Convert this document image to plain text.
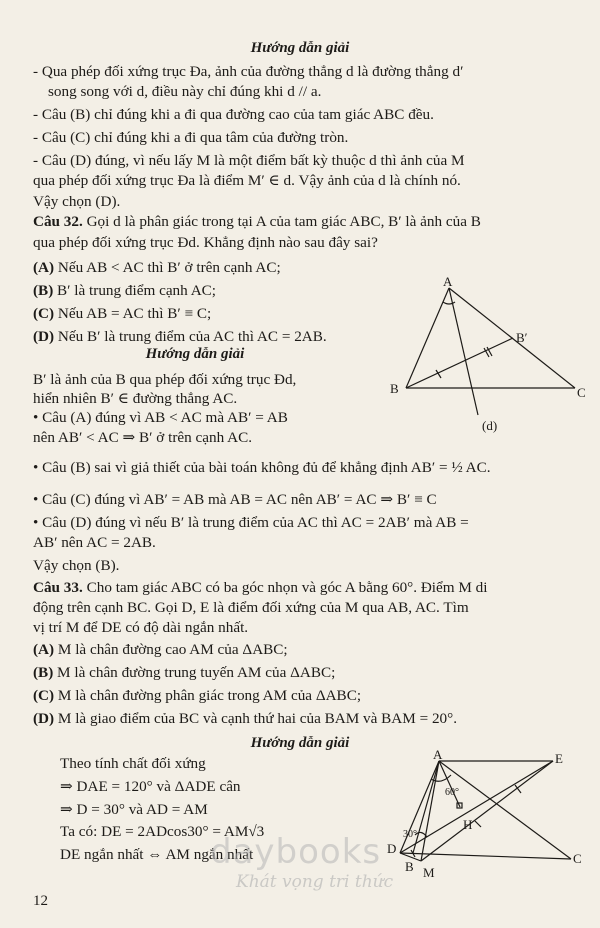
Hướng dẫn giải
- Qua phép đối xứng trục Đa, ảnh của đường thẳng d là đường thẳng d′
song song với d, điều này chỉ đúng khi d // a.
- Câu (B) chỉ đúng khi a đi qua đường cao của tam giác ABC đều.
- Câu (C) chỉ đúng khi a đi qua tâm của đường tròn.
- Câu (D) đúng, vì nếu lấy M là một điểm bất kỳ thuộc d thì ảnh của M
qua phép đối xứng trục Đa là điểm M′ ∈ d. Vậy ảnh của d là chính nó.
Vậy chọn (D).
Câu 32. Gọi d là phân giác trong tại A của tam giác ABC, B′ là ảnh của B
qua phép đối xứng trục Đd. Khẳng định nào sau đây sai?
(A) Nếu AB < AC thì B′ ở trên cạnh AC;
(B) B′ là trung điểm cạnh AC;
(C) Nếu AB = AC thì B′ ≡ C;
(D) Nếu B′ là trung điểm của AC thì AC = 2AB.
Hướng dẫn giải
B′ là ảnh của B qua phép đối xứng trục Đd,
hiển nhiên B′ ∈ đường thẳng AC.
• Câu (A) đúng vì AB < AC mà AB′ = AB
nên AB′ < AC ⇒ B′ ở trên cạnh AC.
• Câu (B) sai vì giả thiết của bài toán không đủ để khẳng định AB′ = ½ AC.
• Câu (C) đúng vì AB′ = AB mà AB = AC nên AB′ = AC ⇒ B′ ≡ C
• Câu (D) đúng vì nếu B′ là trung điểm của AC thì AC = 2AB′ mà AB =
AB′ nên AC = 2AB.
Vậy chọn (B).
A
B
B′
C
(d)
Câu 33. Cho tam giác ABC có ba góc nhọn và góc A bằng 60°. Điểm M di
động trên cạnh BC. Gọi D, E là điểm đối xứng của M qua AB, AC. Tìm
vị trí M để DE có độ dài ngắn nhất.
(A) M là chân đường cao AM của ΔABC;
(B) M là chân đường trung tuyến AM của ΔABC;
(C) M là chân đường phân giác trong AM của ΔABC;
(D) M là giao điểm của BC và cạnh thứ hai của BAM và BAM = 20°.
Hướng dẫn giải
Theo tính chất đối xứng
⇒ DAE = 120° và ΔADE cân
⇒ D = 30° và AD = AM
Ta có: DE = 2ADcos30° = AM√3
DE ngắn nhất ⇔ AM ngắn nhất
A	E
60°
30°
H
D
B M
C
12
daybooks
Khát vọng tri thức
